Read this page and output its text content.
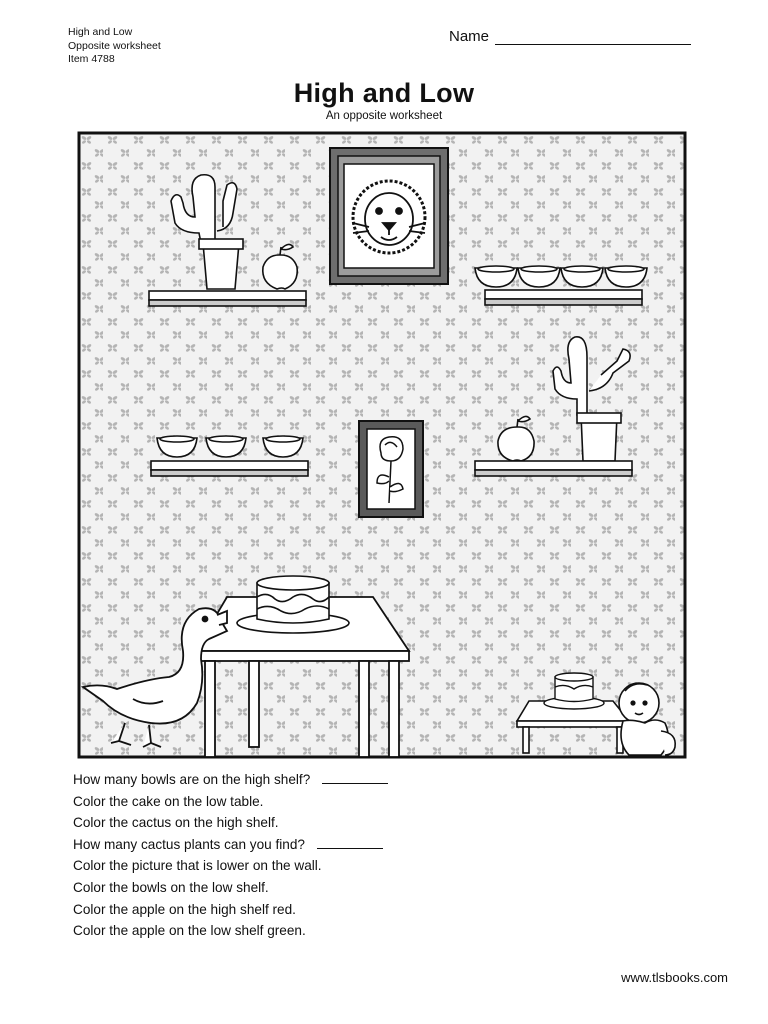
High and Low
Opposite worksheet
Item 4788
Name
High and Low
An opposite worksheet
How many bowls are on the high shelf?
Color the cake on the low table.
Color the cactus on the high shelf.
How many cactus plants can you find?
Color the picture that is lower on the wall.
Color the bowls on the low shelf.
Color the apple on the high shelf red.
Color the apple on the low shelf green.
www.tlsbooks.com
